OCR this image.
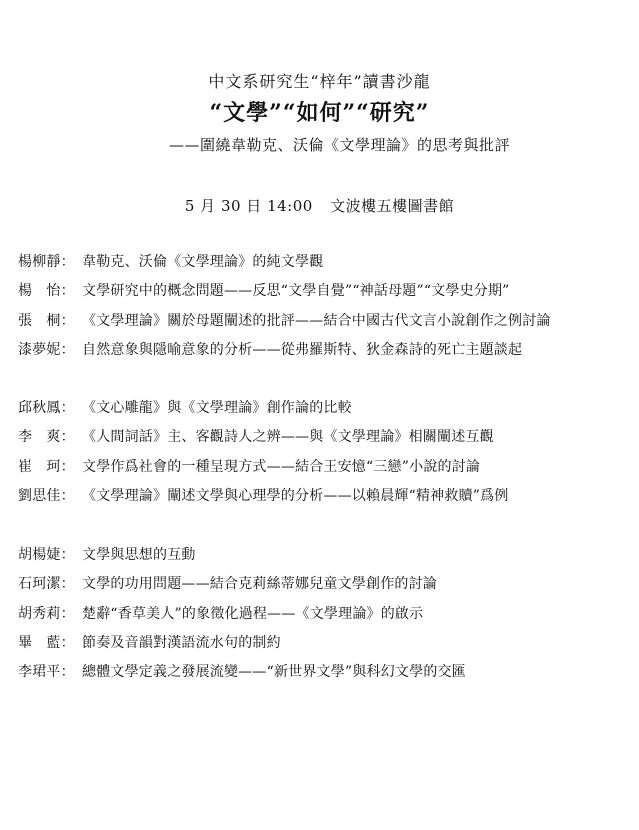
中文系研究生“梓年”讀書沙龍
“文學”“如何”“研究”
——圍繞韋勒克、沃倫《文學理論》的思考與批評
5 月 30 日 14:00 文波樓五樓圖書館
楊柳靜： 韋勒克、沃倫《文學理論》的純文學觀
楊　怡： 文學研究中的概念問題——反思“文學自覺”“神話母題”“文學史分期”
張　桐： 《文學理論》關於母題闡述的批評——結合中國古代文言小說創作之例討論
漆夢妮： 自然意象與隱喻意象的分析——從弗羅斯特、狄金森詩的死亡主題談起
邱秋鳳： 《文心雕龍》與《文學理論》創作論的比較
李　爽： 《人間詞話》主、客觀詩人之辨——與《文學理論》相關闡述互觀
崔　珂： 文學作爲社會的一種呈現方式——結合王安憶“三戀”小說的討論
劉思佳： 《文學理論》闡述文學與心理學的分析——以賴晨輝“精神救贖”爲例
胡楊婕： 文學與思想的互動
石珂潔： 文學的功用問題——結合克莉絲蒂娜兒童文學創作的討論
胡秀莉： 楚辭“香草美人”的象徵化過程——《文學理論》的啟示
畢　藍： 節奏及音韻對漢語流水句的制約
李珺平： 總體文學定義之發展流變——“新世界文學”與科幻文學的交匯
